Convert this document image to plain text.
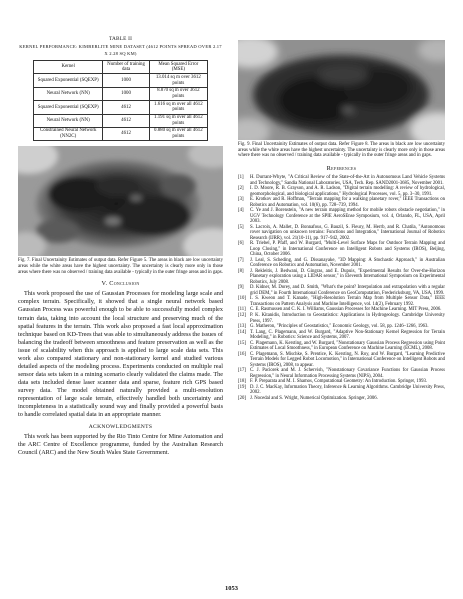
TABLE II

KERNEL PERFORMANCE: KIMBERLITE MINE DATASET (4612 POINTS SPREAD OVER 2.17 X 2.28 SQ KM)

Kernel	Number of training data	Mean Squared Error (MSE)
Squared Exponential (SQEXP)	1000	13.014 sq m over 3612 points
Neural Network (NN)	1000	8.870 sq m over 3612 points
Squared Exponential (SQEXP)	4612	1.616 sq m over all 4612 points
Neural Network (NN)	4612	1.191 sq m over all 4612 points
Constrained Neural Network (NN2C)	4612	0.880 sq m over all 4612 points

Fig. 7. Final Uncertainity Estimates of output data. Refer Figure 5. The areas in black are low uncertainty areas while the white areas have the highest uncertainty. The uncertainty is clearly more only in those areas where there was no observed / training data available - typically in the outer fringe areas and in gaps.

V. Conclusion

This work proposed the use of Gaussian Processes for modeling large scale and complex terrain. Specifically, it showed that a single neural network based Gaussian Process was powerful enough to be able to successfully model complex terrain data, taking into account the local structure and preserving much of the spatial features in the terrain. This work also proposed a fast local approximation technique based on KD-Trees that was able to simultaneously address the issues of balancing the tradeoff between smoothness and feature preservation as well as the issue of scalability when this approach is applied to large scale data sets. This work also compared stationary and non-stationary kernel and studied various detailed aspects of the modeling process. Experiments conducted on multiple real sensor data sets taken in a mining scenario clearly validated the claims made. The data sets included dense laser scanner data and sparse, feature rich GPS based survey data. The model obtained naturally provided a multi-resolution representation of large scale terrain, effectively handled both uncertainty and incompleteness in a statistically sound way and finally provided a powerful basis to handle correlated spatial data in an appropriate manner.

ACKNOWLEDGMENTS

This work has been supported by the Rio Tinto Centre for Mine Automation and the ARC Centre of Excellence programme, funded by the Australian Research Council (ARC) and the New South Wales State Government.

Fig. 9. Final Uncertainity Estimates of output data. Refer Figure 8. The areas in black are low uncertainty areas while the white areas have the highest uncertainty. The uncertainty is clearly more only in those areas where there was no observed / training data available - typically in the outer fringe areas and in gaps.

References
[1] H. Durrant-Whyte, "A Critical Review of the State-of-the-Art in Autonomous Land Vehicle Systems and Technology," Sandia National Laboratories, USA, Tech. Rep. SAND2001-3685, November 2001.
[2] I. D. Moore, R. B. Grayson, and A. R. Ladson, "Digital terrain modelling: A review of hydrological, geomorphological, and biological applications," Hydrological Processes, vol. 5, pp. 3–30, 1991.
[3] E. Krotkov and R. Hoffman, "Terrain mapping for a walking planetary rover," IEEE Transactions on Robotics and Automation, vol. 10(6), pp. 728–739, 1994.
[4] C. Ye and J. Borenstein, "A new terrain mapping method for mobile robots obstacle negotiation," in UGV Technology Conference at the SPIE AeroSEnse Symposium, vol. 4, Orlando, FL, USA, April 2003.
[5] S. Lacroix, A. Mallet, D. Bonnafous, G. Bauzil, S. Fleury, M. Herrb, and R. Chatila, "Autonomous rover navigation on unknown terrains: Functions and Integration," International Journal of Robotics Research (IJRR), vol. 21(10-11), pp. 917–942, 2002.
[6] R. Triebel, P. Pfaff, and W. Burgard, "Multi-Level Surface Maps for Outdoor Terrain Mapping and Loop Closing," in International Conference on Intelligent Robots and Systems (IROS), Beijing, China, October 2006.
[7] J. Leal, S. Scheding, and G. Dissanayake, "3D Mapping: A Stochastic Approach," in Australian Conference on Robotics and Automation, November 2001.
[8] J. Rekleitis, J. Bedwani, D. Gingras, and E. Dupuis, "Experimental Results for Over-the-Horizon Planetary exploration using a LIDAR sensor," in Eleventh International Symposium on Experimental Robotics, July 2008.
[9] D. Kidner, M. Dorey, and D. Smith, "What's the point? Interpolation and extrapolation with a regular grid DEM," in Fourth International Conference on GeoComputation, Fredericksburg, VA, USA, 1999.
[10] I. S. Kweon and T. Kanade, "High-Resolution Terrain Map from Multiple Sensor Data," IEEE Transactions on Pattern Analysis and Machine Intelligence, vol. 14(2), February 1992.
[11] C. E. Rasmussen and C. K. I. Williams, Gaussian Processes for Machine Learning. MIT Press, 2006.
[12] P. K. Kitanidis, Introduction to Geostatistics: Applications in Hydrogeology. Cambridge University Press, 1997.
[13] G. Matheron, "Principles of Geostatistics," Economic Geology, vol. 58, pp. 1246–1266, 1963.
[14] T. Lang, C. Plagemann, and W. Burgard, "Adaptive Non-Stationary Kernel Regression for Terrain Modeling," in Robotics: Science and Systems, 2007.
[15] C. Plagemann, K. Kersting, and W. Burgard, "Nonstationary Gaussian Process Regression using Point Estimates of Local Smoothness," in European Conference on Machine Learning (ECML), 2008.
[16] C. Plagemann, S. Mischke, S. Prentice, K. Kersting, N. Roy, and W. Burgard, "Learning Predictive Terrain Models for Legged Robot Locomotion," in International Conference on Intelligent Robots and Systems (IROS), 2008, to appear.
[17] C. J. Paciorek and M. J. Schervish, "Nonstationary Covariance Functions for Gaussian Process Regression," in Neural Information Processing Systems (NIPS), 2004.
[18] F. P. Preparata and M. I. Shamos, Computational Geometry: An Introduction. Springer, 1993.
[19] D. J. C. MacKay, Information Theory, Inference & Learning Algorithms. Cambridge University Press, 2002.
[20] J. Nocedal and S. Wright, Numerical Optimization. Springer, 2006.
1053
